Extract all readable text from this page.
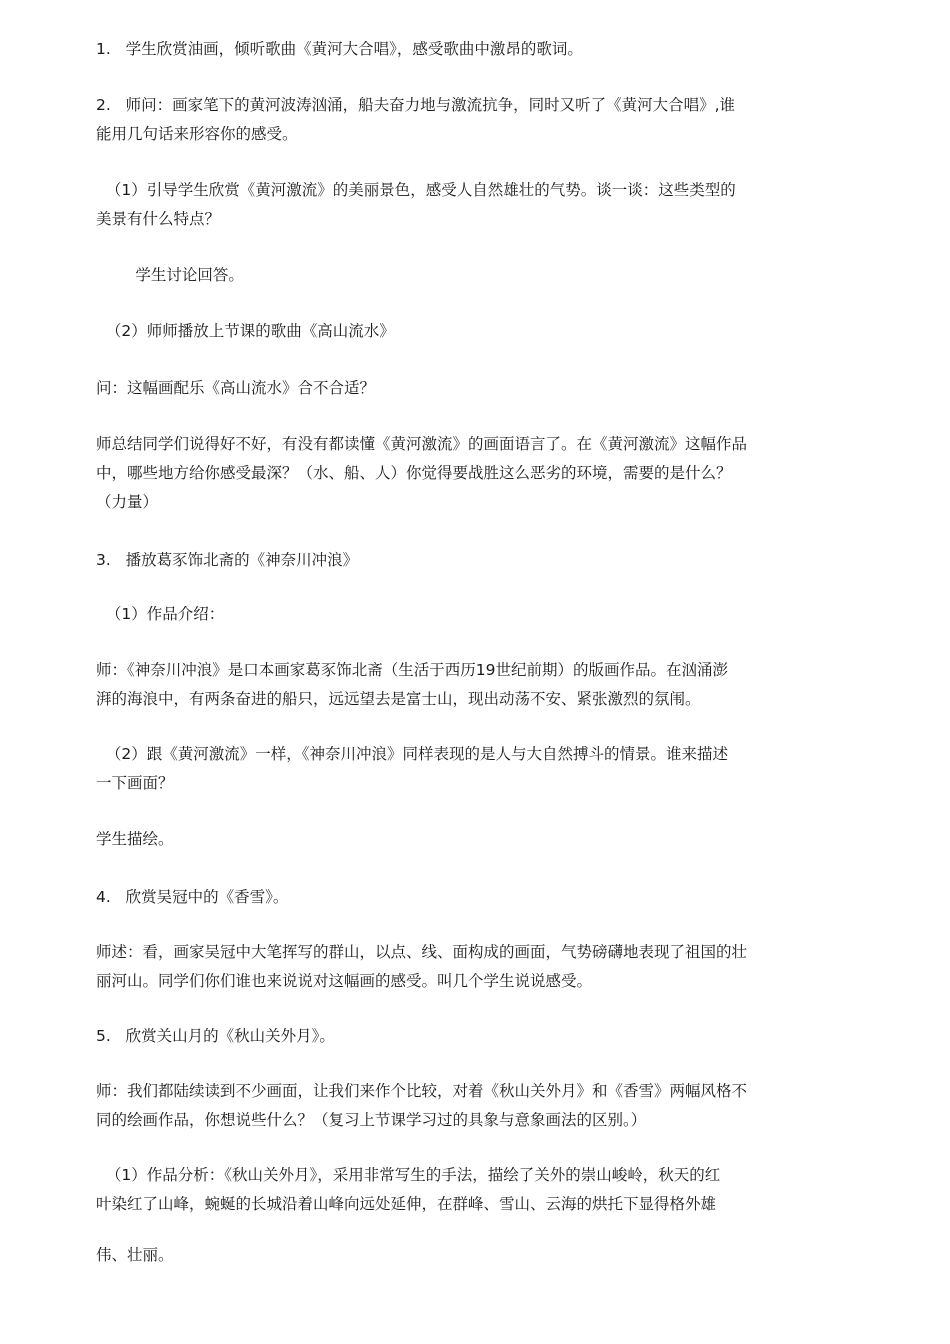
1.   学生欣赏油画，倾听歌曲《黄河大合唱》，感受歌曲中激昂的歌词。
2.   师问：画家笔下的黄河波涛汹涌，船夫奋力地与激流抗争，同时又听了《黄河大合唱》,谁
能用几句话来形容你的感受。
（1）引导学生欣赏《黄河激流》的美丽景色，感受人自然雄壮的气势。谈一谈：这些类型的
美景有什么特点？
学生讨论回答。
（2）师师播放上节课的歌曲《高山流水》
问：这幅画配乐《高山流水》合不合适？
师总结同学们说得好不好，有没有都读懂《黄河激流》的画面语言了。在《黄河激流》这幅作品
中，哪些地方给你感受最深？（水、船、人）你觉得要战胜这么恶劣的环境，需要的是什么？
（力量）
3.   播放葛豕饰北斋的《神奈川冲浪》
（1）作品介绍：
师：《神奈川冲浪》是口本画家葛豕饰北斋（生活于西历19世纪前期）的版画作品。在汹涌澎
湃的海浪中，有两条奋进的船只，远远望去是富士山，现出动荡不安、紧张激烈的氛闱。
（2）跟《黄河激流》一样，《神奈川冲浪》同样表现的是人与大自然搏斗的情景。谁来描述
一下画面？
学生描绘。
4.   欣赏吴冠中的《香雪》。
师述：看，画家吴冠中大笔挥写的群山，以点、线、面构成的画面，气势磅礴地表现了祖国的壮
丽河山。同学们你们谁也来说说对这幅画的感受。叫几个学生说说感受。
5.   欣赏关山月的《秋山关外月》。
师：我们都陆续读到不少画面，让我们来作个比较，对着《秋山关外月》和《香雪》两幅风格不
同的绘画作品，你想说些什么？（复习上节课学习过的具象与意象画法的区别。）
（1）作品分析：《秋山关外月》，采用非常写生的手法，描绘了关外的崇山峻岭，秋天的红
叶染红了山峰，蜿蜒的长城沿着山峰向远处延伸，在群峰、雪山、云海的烘托下显得格外雄
伟、壮丽。
